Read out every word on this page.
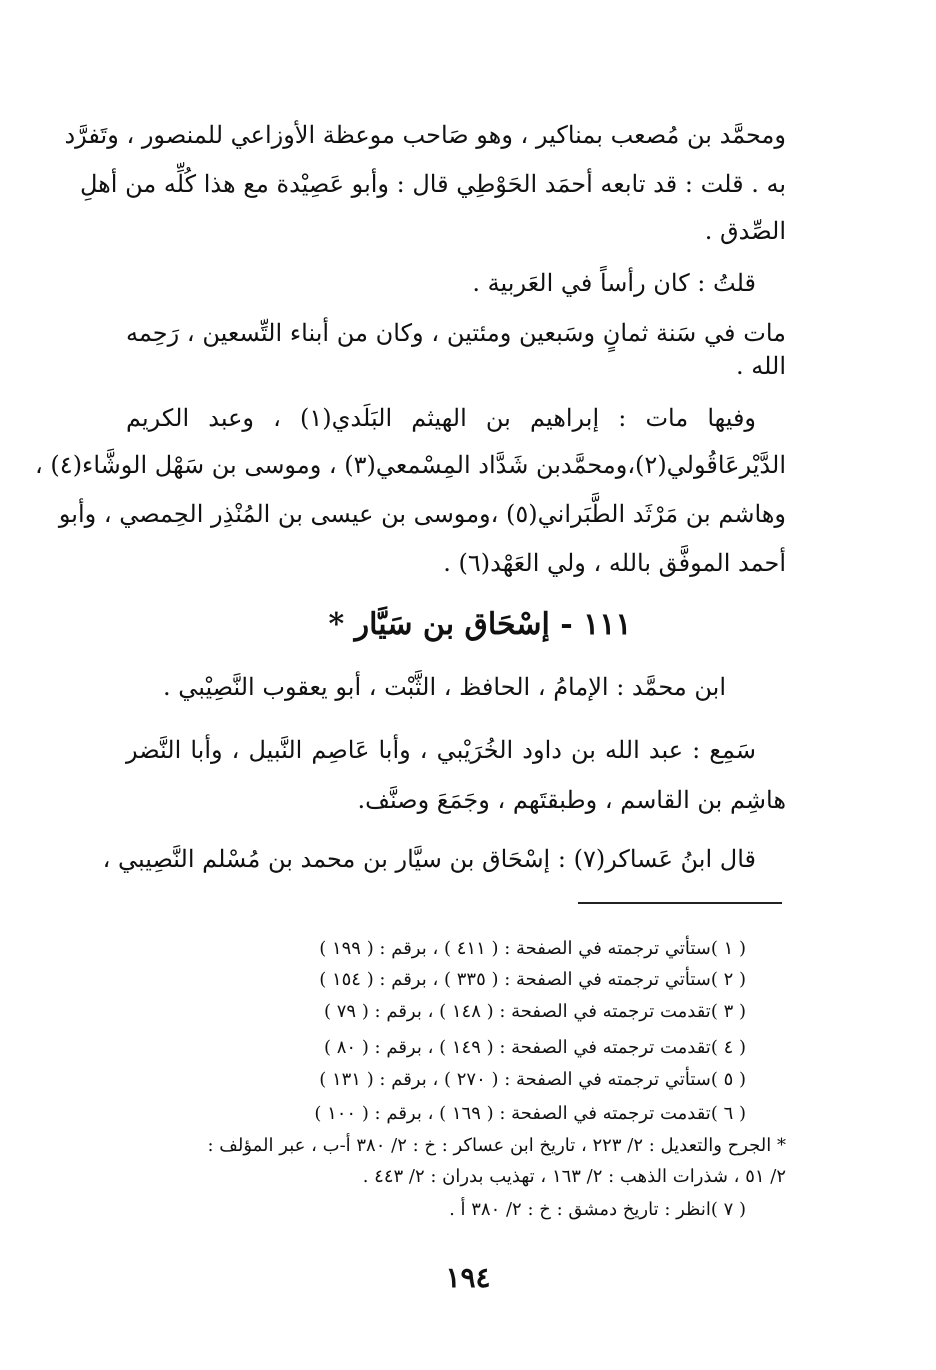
ومحمَّد بن مُصعب بمناكير ، وهو صَاحب موعظة الأوزاعي للمنصور ، وتَفرَّد
به . قلت : قد تابعه أحمَد الحَوْطِي قال : وأبو عَصِيْدة مع هذا كُلِّه من أهلِ
الصِّدق .
قلتُ : كان رأساً في العَربية .
مات في سَنة ثمانٍ وسَبعين ومئتين ، وكان من أبناء التِّسعين ، رَحِمه
الله .
وفيها مات : إبراهيم بن الهيثم البَلَدي(١) ، وعبد الكريم
الدَّيْرعَاقُولي(٢)،ومحمَّدبن شَدَّاد المِسْمعي(٣) ، وموسى بن سَهْل الوشَّاء(٤) ،
وهاشم بن مَرْثَد الطَّبَراني(٥) ،وموسى بن عيسى بن المُنْذِر الحِمصي ، وأبو
أحمد الموفَّق بالله ، ولي العَهْد(٦) .
١١١ - إسْحَاق بن سَيَّار *
ابن محمَّد : الإمامُ ، الحافظ ، الثَّبْت ، أبو يعقوب النَّصِيْبي .
سَمِع : عبد الله بن داود الخُرَيْبي ، وأبا عَاصِم النَّبيل ، وأبا النَّضر
هاشِم بن القاسم ، وطبقتَهم ، وجَمَعَ وصنَّف.
قال ابنُ عَساكر(٧) : إسْحَاق بن سيَّار بن محمد بن مُسْلم النَّصِيبي ،
( ١ )ستأتي ترجمته في الصفحة : ( ٤١١ ) ، برقم : ( ١٩٩ )
( ٢ )ستأتي ترجمته في الصفحة : ( ٣٣٥ ) ، برقم : ( ١٥٤ )
( ٣ )تقدمت ترجمته في الصفحة : ( ١٤٨ ) ، برقم : ( ٧٩ )
( ٤ )تقدمت ترجمته في الصفحة : ( ١٤٩ ) ، برقم : ( ٨٠ )
( ٥ )ستأتي ترجمته في الصفحة : ( ٢٧٠ ) ، برقم : ( ١٣١ )
( ٦ )تقدمت ترجمته في الصفحة : ( ١٦٩ ) ، برقم : ( ١٠٠ )
* الجرح والتعديل : ٢/ ٢٢٣ ، تاريخ ابن عساكر : خ : ٢/ ٣٨٠ أ-ب ، عبر المؤلف :
٢/ ٥١ ، شذرات الذهب : ٢/ ١٦٣ ، تهذيب بدران : ٢/ ٤٤٣ .
( ٧ )انظر : تاريخ دمشق : خ : ٢/ ٣٨٠ أ .
١٩٤
